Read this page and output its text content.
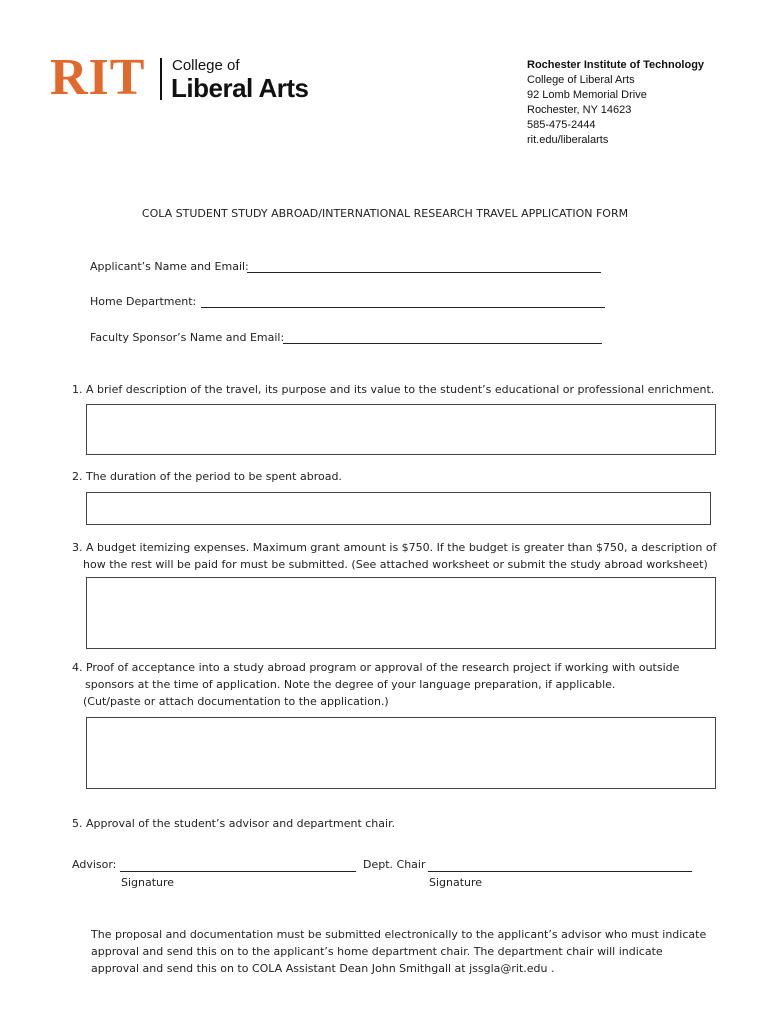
RIT College of
Liberal Arts
Rochester Institute of Technology
College of Liberal Arts
92 Lomb Memorial Drive
Rochester, NY 14623
585-475-2444
rit.edu/liberalarts
COLA STUDENT STUDY ABROAD/INTERNATIONAL RESEARCH TRAVEL APPLICATION FORM
Applicant’s Name and Email:
Home Department:
Faculty Sponsor’s Name and Email:
1. A brief description of the travel, its purpose and its value to the student’s educational or professional enrichment.
2. The duration of the period to be spent abroad.
3. A budget itemizing expenses. Maximum grant amount is $750. If the budget is greater than $750, a description of
how the rest will be paid for must be submitted. (See attached worksheet or submit the study abroad worksheet)
4. Proof of acceptance into a study abroad program or approval of the research project if working with outside
sponsors at the time of application. Note the degree of your language preparation, if applicable.
(Cut/paste or attach documentation to the application.)
5. Approval of the student’s advisor and department chair.
Advisor:
Signature
Dept. Chair
Signature
The proposal and documentation must be submitted electronically to the applicant’s advisor who must indicate
approval and send this on to the applicant’s home department chair. The department chair will indicate
approval and send this on to COLA Assistant Dean John Smithgall at jssgla@rit.edu .
